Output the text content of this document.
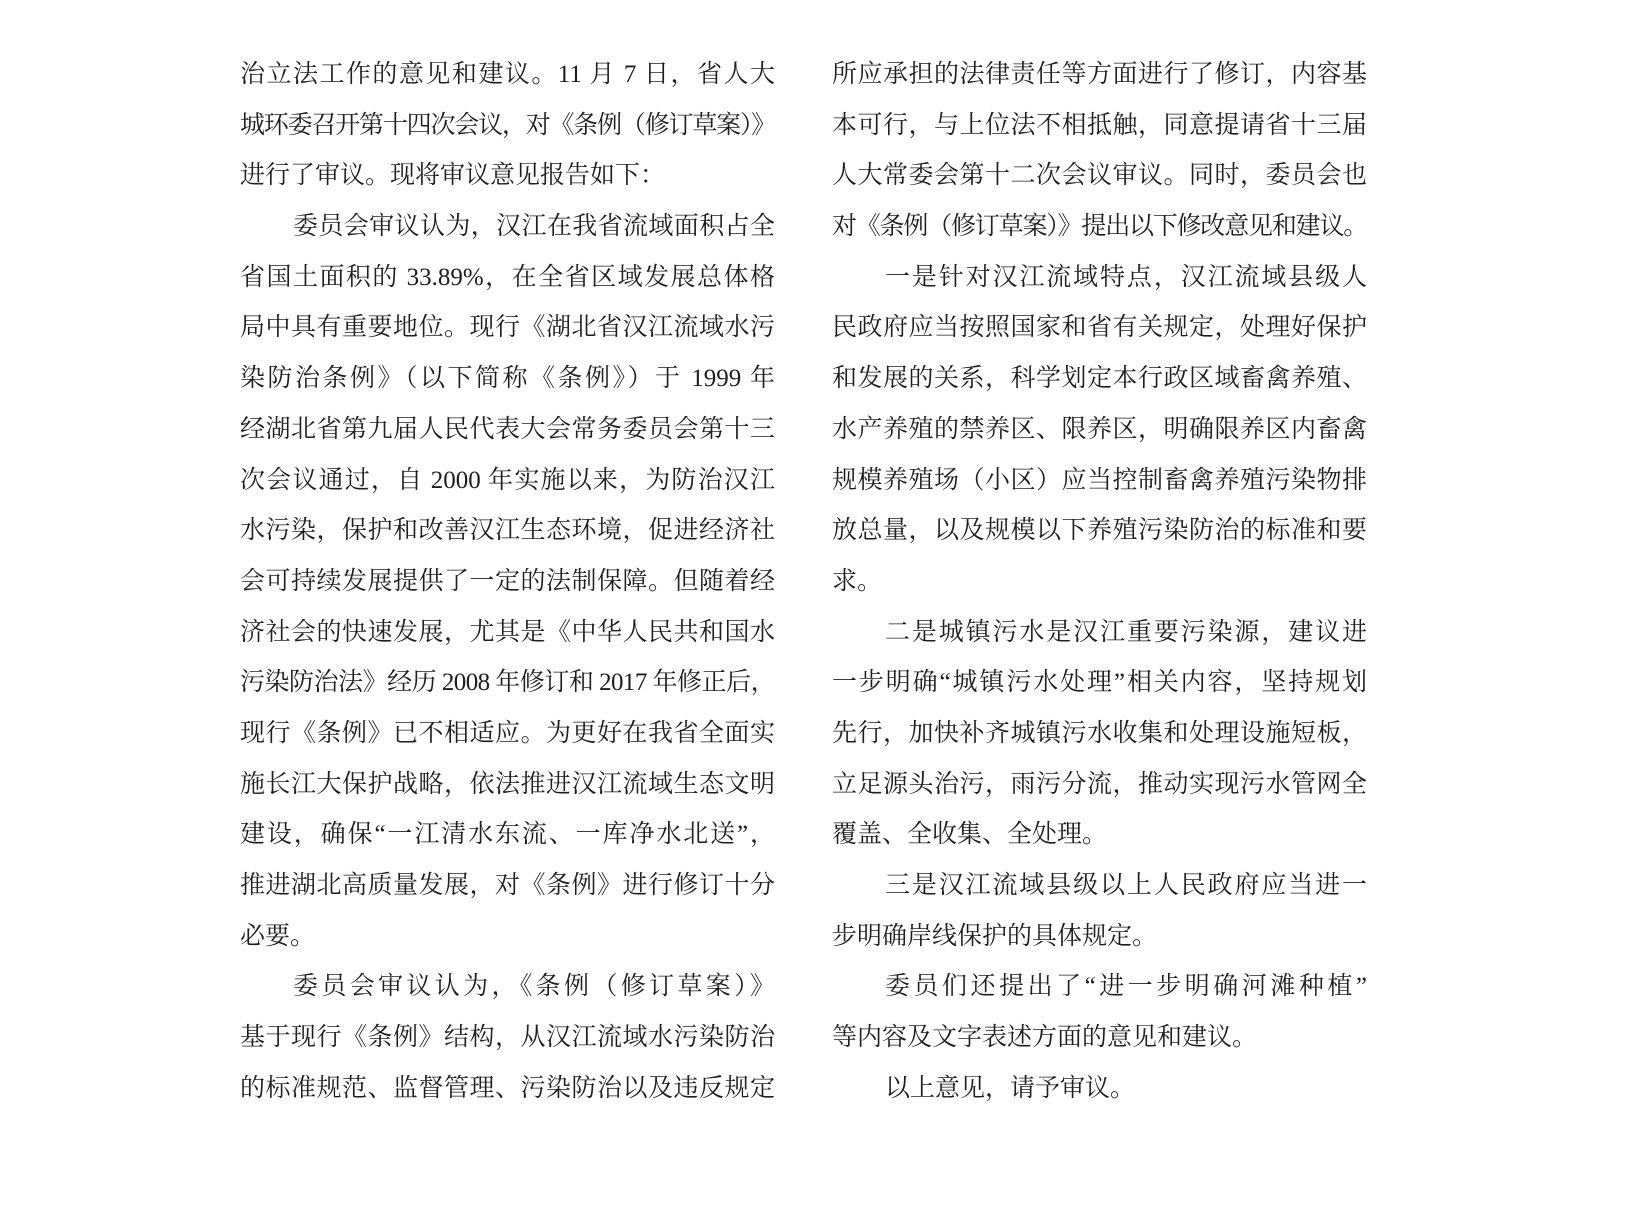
治立法工作的意见和建议。11 月 7 日，省人大
城环委召开第十四次会议，对《条例（修订草案）》
进行了审议。现将审议意见报告如下：
委员会审议认为，汉江在我省流域面积占全
省国土面积的 33.89%，在全省区域发展总体格
局中具有重要地位。现行《湖北省汉江流域水污
染防治条例》（以下简称《条例》）于 1999 年
经湖北省第九届人民代表大会常务委员会第十三
次会议通过，自 2000 年实施以来，为防治汉江
水污染，保护和改善汉江生态环境，促进经济社
会可持续发展提供了一定的法制保障。但随着经
济社会的快速发展，尤其是《中华人民共和国水
污染防治法》经历 2008 年修订和 2017 年修正后，
现行《条例》已不相适应。为更好在我省全面实
施长江大保护战略，依法推进汉江流域生态文明
建设，确保“一江清水东流、一库净水北送”，
推进湖北高质量发展，对《条例》进行修订十分
必要。
委员会审议认为，《条例（修订草案）》
基于现行《条例》结构，从汉江流域水污染防治
的标准规范、监督管理、污染防治以及违反规定
所应承担的法律责任等方面进行了修订，内容基
本可行，与上位法不相抵触，同意提请省十三届
人大常委会第十二次会议审议。同时，委员会也
对《条例（修订草案）》提出以下修改意见和建议。
一是针对汉江流域特点，汉江流域县级人
民政府应当按照国家和省有关规定，处理好保护
和发展的关系，科学划定本行政区域畜禽养殖、
水产养殖的禁养区、限养区，明确限养区内畜禽
规模养殖场（小区）应当控制畜禽养殖污染物排
放总量，以及规模以下养殖污染防治的标准和要
求。
二是城镇污水是汉江重要污染源，建议进
一步明确“城镇污水处理”相关内容，坚持规划
先行，加快补齐城镇污水收集和处理设施短板，
立足源头治污，雨污分流，推动实现污水管网全
覆盖、全收集、全处理。
三是汉江流域县级以上人民政府应当进一
步明确岸线保护的具体规定。
委员们还提出了“进一步明确河滩种植”
等内容及文字表述方面的意见和建议。
以上意见，请予审议。
